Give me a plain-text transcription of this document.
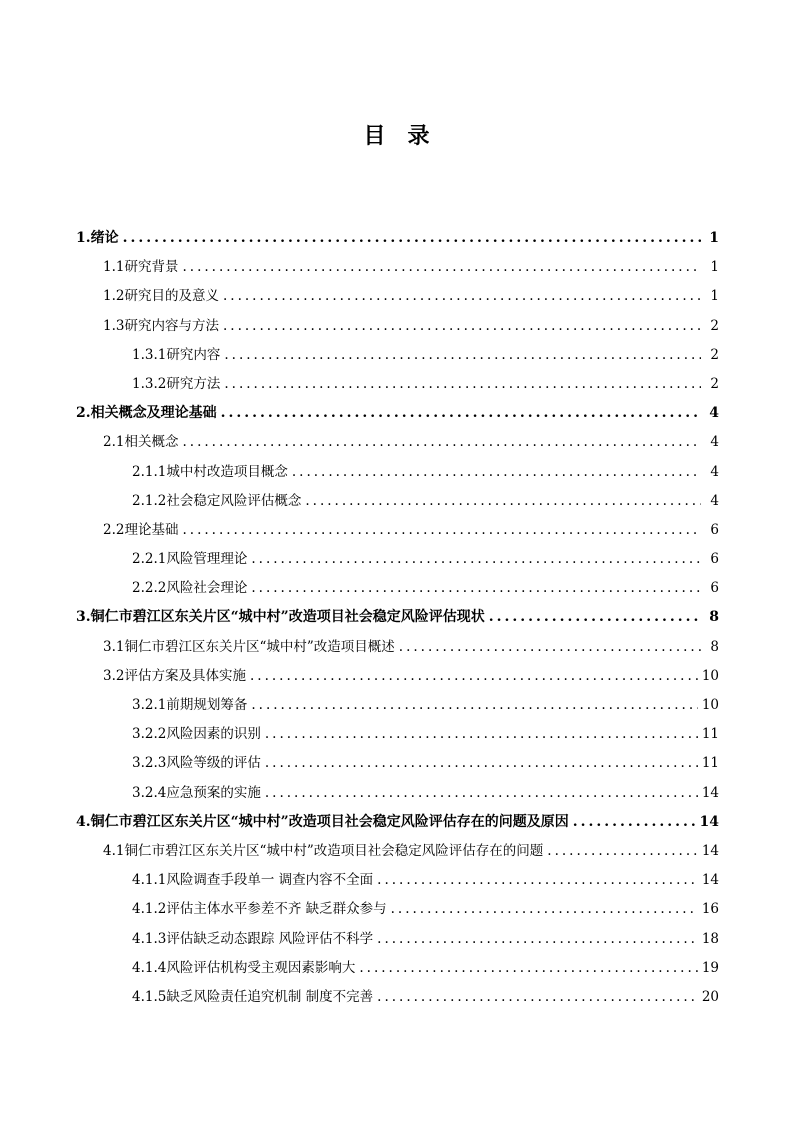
目　录
1.绪论 .....	1
1.1研究背景 .....	1
1.2研究目的及意义 .....	1
1.3研究内容与方法 .....	2
1.3.1研究内容 .....	2
1.3.2研究方法 .....	2
2.相关概念及理论基础 .....	4
2.1相关概念 .....	4
2.1.1城中村改造项目概念 .....	4
2.1.2社会稳定风险评估概念 .....	4
2.2理论基础 .....	6
2.2.1风险管理理论 .....	6
2.2.2风险社会理论 .....	6
3.铜仁市碧江区东关片区“城中村”改造项目社会稳定风险评估现状 .....	8
3.1铜仁市碧江区东关片区“城中村”改造项目概述 .....	8
3.2评估方案及具体实施 .....	10
3.2.1前期规划筹备 .....	10
3.2.2风险因素的识别 .....	11
3.2.3风险等级的评估 .....	11
3.2.4应急预案的实施 .....	14
4.铜仁市碧江区东关片区“城中村”改造项目社会稳定风险评估存在的问题及原因 .....	14
4.1铜仁市碧江区东关片区“城中村”改造项目社会稳定风险评估存在的问题 .....	14
4.1.1风险调查手段单一 调查内容不全面 .....	14
4.1.2评估主体水平参差不齐 缺乏群众参与 .....	16
4.1.3评估缺乏动态跟踪 风险评估不科学 .....	18
4.1.4风险评估机构受主观因素影响大 .....	19
4.1.5缺乏风险责任追究机制 制度不完善 .....	20
